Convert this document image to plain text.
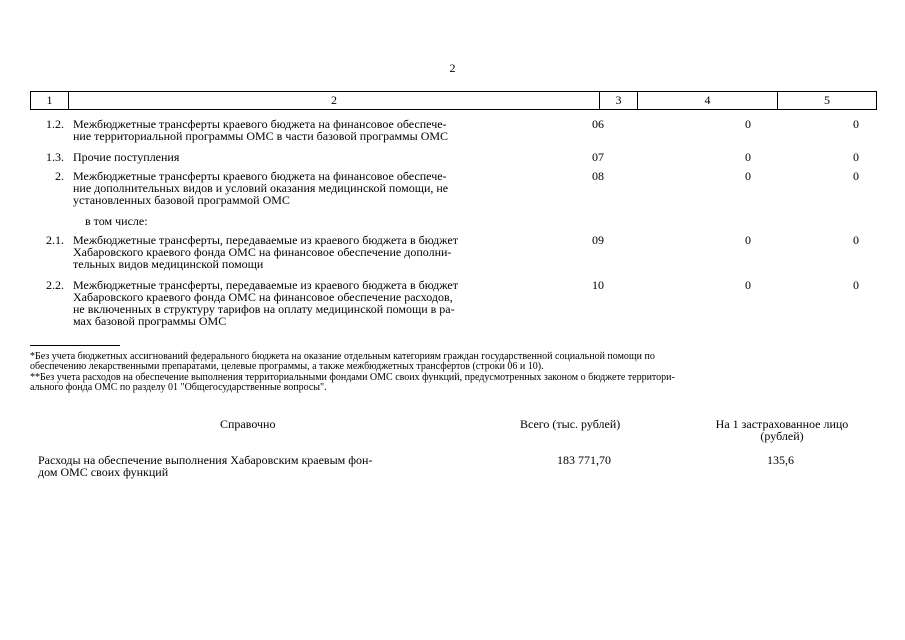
2
1	2	3	4	5
1.2. Межбюджетные трансферты краевого бюджета на финансовое обеспече-
ние территориальной программы ОМС в части базовой программы ОМС
06	0	0
1.3. Прочие поступления	07	0	0
2. Межбюджетные трансферты краевого бюджета на финансовое обеспече-
ние дополнительных видов и условий оказания медицинской помощи, не
установленных базовой программой ОМС
08	0	0
в том числе:
2.1. Межбюджетные трансферты, передаваемые из краевого бюджета в бюджет
Хабаровского краевого фонда ОМС на финансовое обеспечение дополни-
тельных видов медицинской помощи
09	0	0
2.2. Межбюджетные трансферты, передаваемые из краевого бюджета в бюджет
Хабаровского краевого фонда ОМС на финансовое обеспечение расходов,
не включенных в структуру тарифов на оплату медицинской помощи в ра-
мах базовой программы ОМС
10	0	0
*Без учета бюджетных ассигнований федерального бюджета на оказание отдельным категориям граждан государственной социальной помощи по
обеспечению лекарственными препаратами, целевые программы, а также межбюджетных трансфертов (строки 06 и 10).
**Без учета расходов на обеспечение выполнения территориальными фондами ОМС своих функций, предусмотренных законом о бюджете территори-
ального фонда ОМС по разделу 01 "Общегосударственные вопросы".
Справочно	Всего (тыс. рублей)	На 1 застрахованное лицо
(рублей)
Расходы на обеспечение выполнения Хабаровским краевым фон-
дом ОМС своих функций
183 771,70	135,6
